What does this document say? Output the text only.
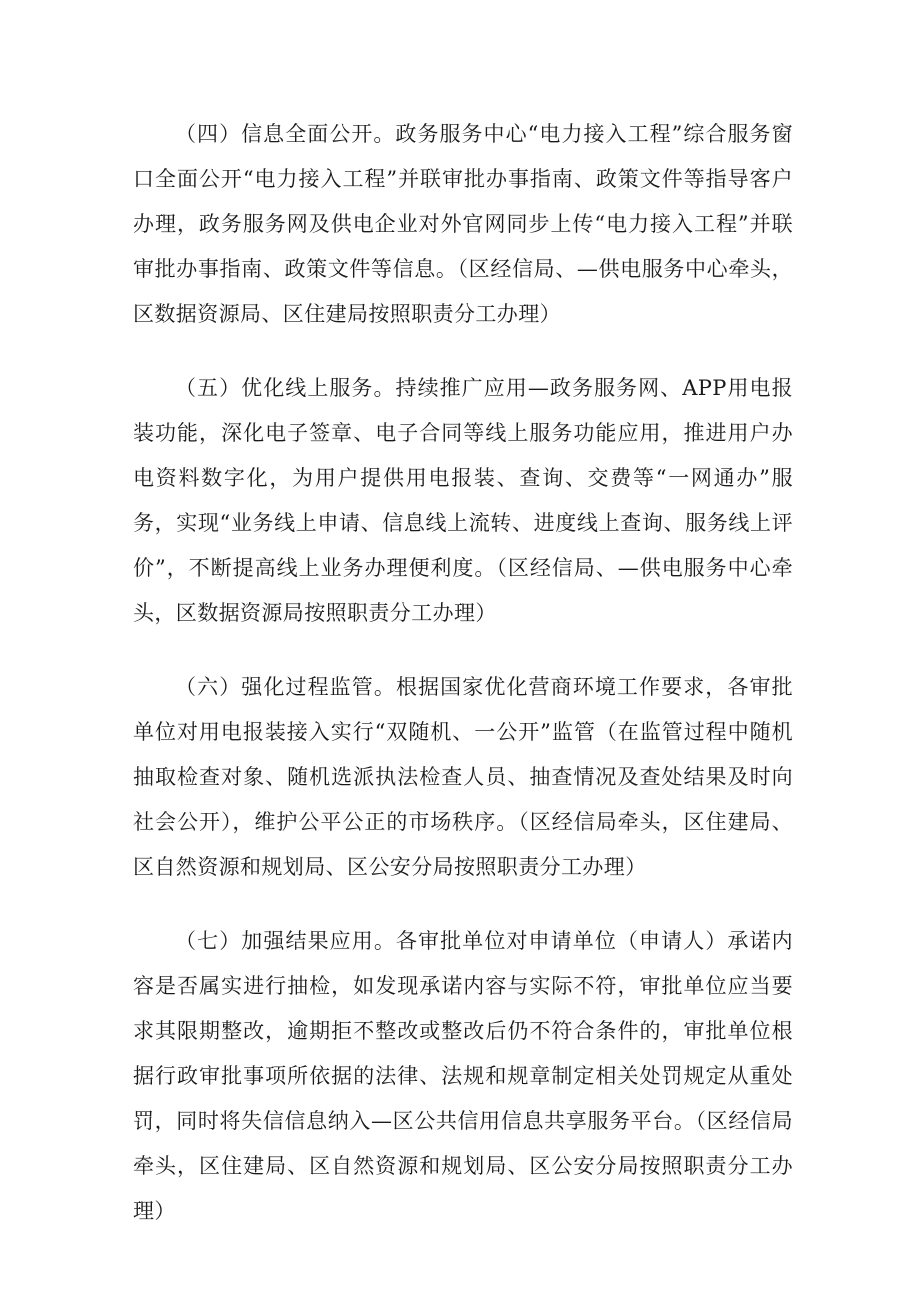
（四）信息全面公开。政务服务中心“电力接入工程”综合服务窗口全面公开“电力接入工程”并联审批办事指南、政策文件等指导客户办理，政务服务网及供电企业对外官网同步上传“电力接入工程”并联审批办事指南、政策文件等信息。（区经信局、—供电服务中心牵头，区数据资源局、区住建局按照职责分工办理）

（五）优化线上服务。持续推广应用—政务服务网、APP用电报装功能，深化电子签章、电子合同等线上服务功能应用，推进用户办电资料数字化，为用户提供用电报装、查询、交费等“一网通办”服务，实现“业务线上申请、信息线上流转、进度线上查询、服务线上评价”，不断提高线上业务办理便利度。（区经信局、—供电服务中心牵头，区数据资源局按照职责分工办理）

（六）强化过程监管。根据国家优化营商环境工作要求，各审批单位对用电报装接入实行“双随机、一公开”监管（在监管过程中随机抽取检查对象、随机选派执法检查人员、抽查情况及查处结果及时向社会公开），维护公平公正的市场秩序。（区经信局牵头，区住建局、区自然资源和规划局、区公安分局按照职责分工办理）

（七）加强结果应用。各审批单位对申请单位（申请人）承诺内容是否属实进行抽检，如发现承诺内容与实际不符，审批单位应当要求其限期整改，逾期拒不整改或整改后仍不符合条件的，审批单位根据行政审批事项所依据的法律、法规和规章制定相关处罚规定从重处罚，同时将失信信息纳入—区公共信用信息共享服务平台。（区经信局牵头，区住建局、区自然资源和规划局、区公安分局按照职责分工办理）
